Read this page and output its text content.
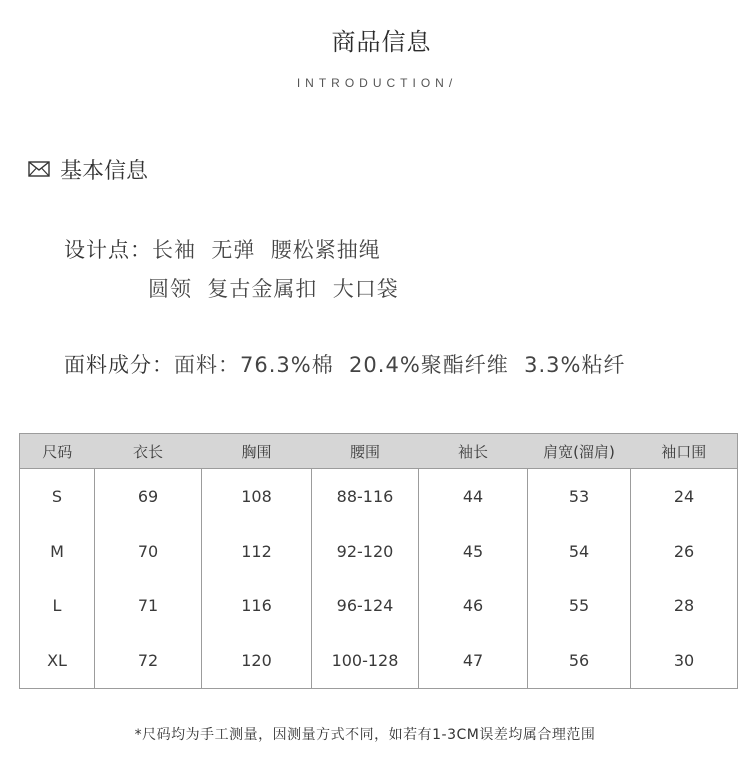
商品信息
INTRODUCTION/
基本信息
设计点：长袖  无弹  腰松紧抽绳
圆领  复古金属扣  大口袋
面料成分：面料：76.3%棉  20.4%聚酯纤维  3.3%粘纤
尺码	衣长	胸围	腰围	袖长	肩宽(溜肩)	袖口围
S	69	108	88-116	44	53	24
M	70	112	92-120	45	54	26
L	71	116	96-124	46	55	28
XL	72	120	100-128	47	56	30
*尺码均为手工测量，因测量方式不同，如若有1-3CM误差均属合理范围
